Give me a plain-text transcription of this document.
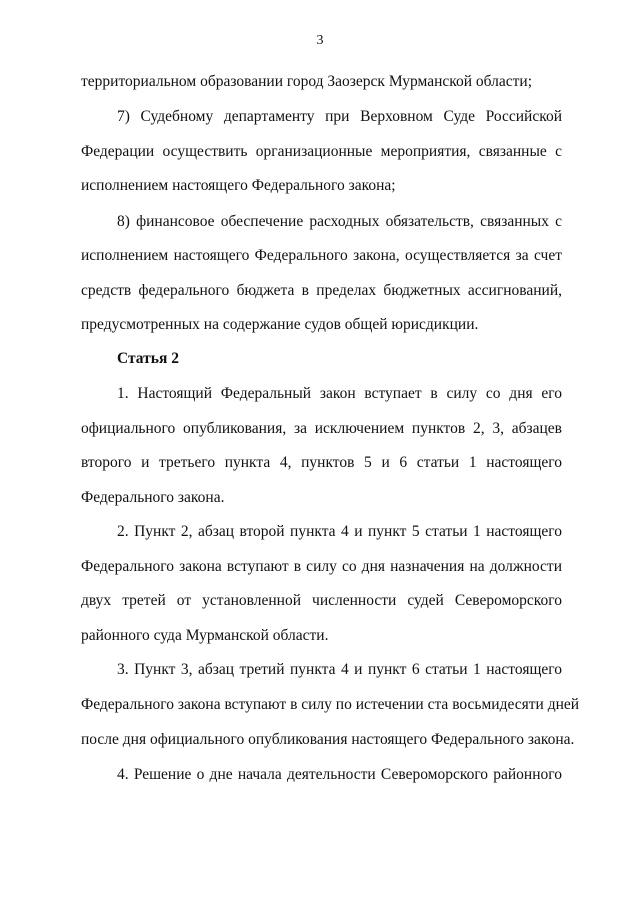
3
территориальном образовании город Заозерск Мурманской области;
7) Судебному департаменту при Верховном Суде Российской
Федерации осуществить организационные мероприятия, связанные с
исполнением настоящего Федерального закона;
8) финансовое обеспечение расходных обязательств, связанных с
исполнением настоящего Федерального закона, осуществляется за счет
средств федерального бюджета в пределах бюджетных ассигнований,
предусмотренных на содержание судов общей юрисдикции.
Статья 2
1. Настоящий Федеральный закон вступает в силу со дня его
официального опубликования, за исключением пунктов 2, 3, абзацев
второго и третьего пункта 4, пунктов 5 и 6 статьи 1 настоящего
Федерального закона.
2. Пункт 2, абзац второй пункта 4 и пункт 5 статьи 1 настоящего
Федерального закона вступают в силу со дня назначения на должности
двух третей от установленной численности судей Североморского
районного суда Мурманской области.
3. Пункт 3, абзац третий пункта 4 и пункт 6 статьи 1 настоящего
Федерального закона вступают в силу по истечении ста восьмидесяти дней
после дня официального опубликования настоящего Федерального закона.
4. Решение о дне начала деятельности Североморского районного
